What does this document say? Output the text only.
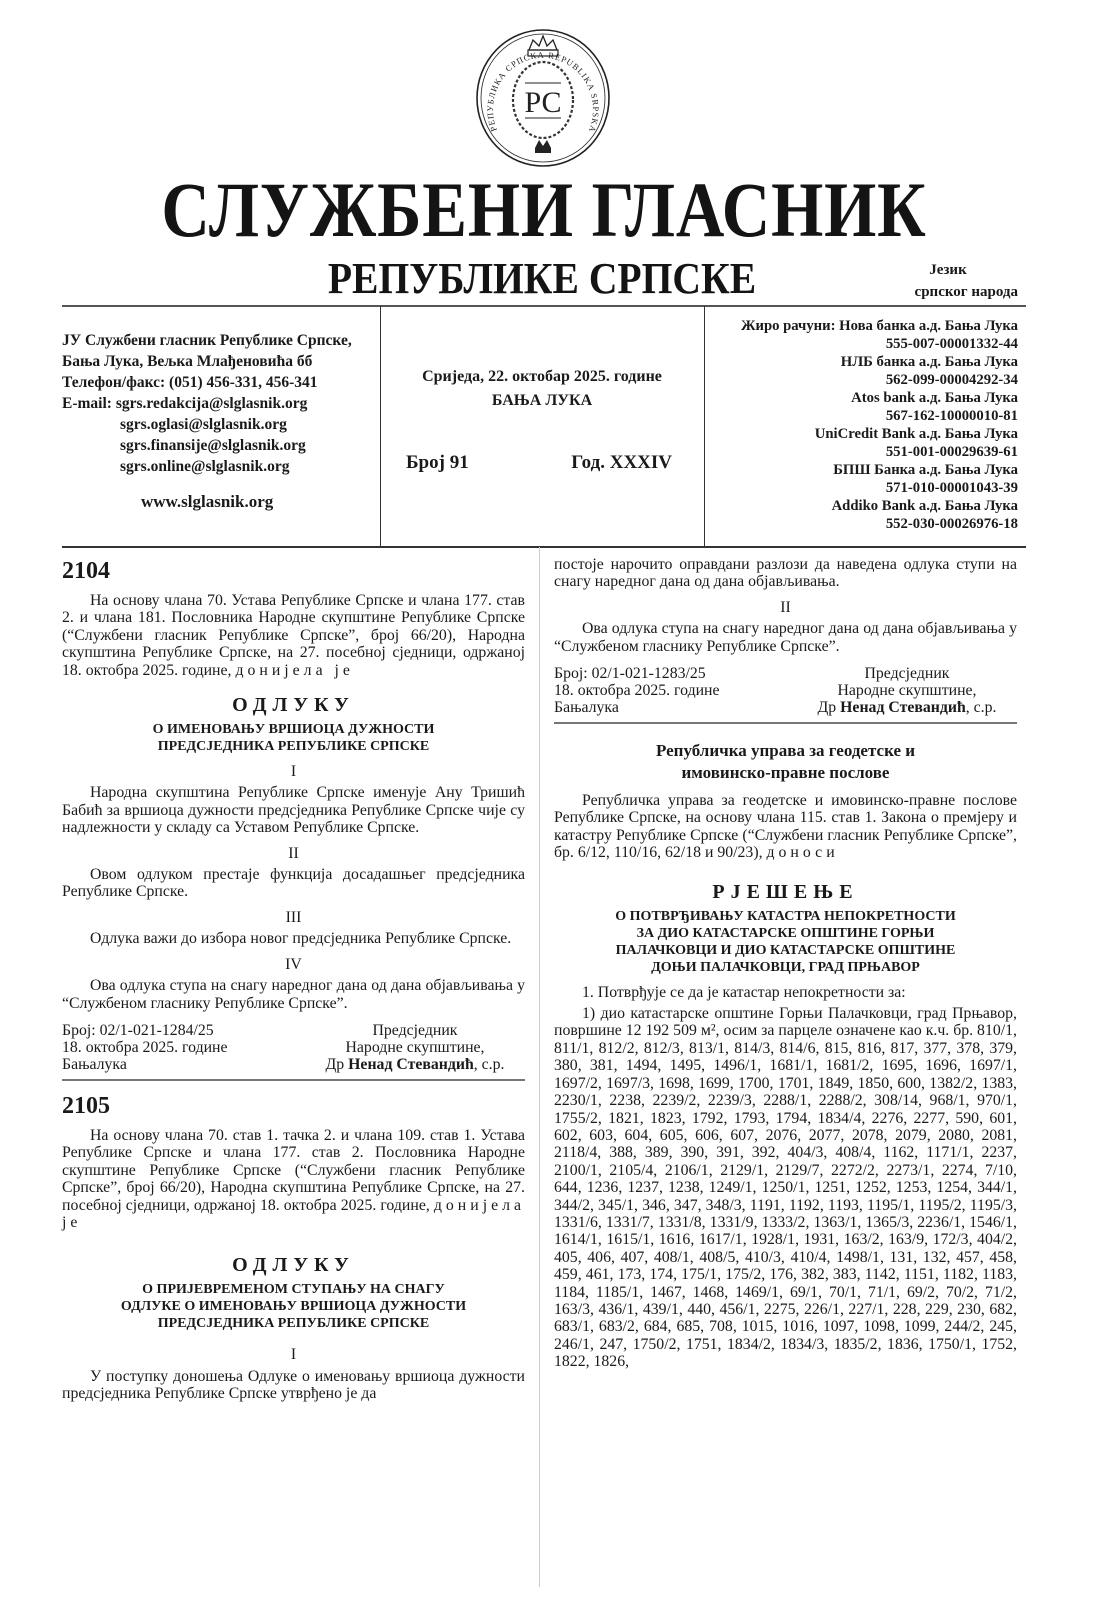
РС
РЕПУБЛИКА СРПСКА REPUBLIKA SRPSKA
СЛУЖБЕНИ ГЛАСНИК
РЕПУБЛИКЕ СРПСКЕ	Језик
српског народа
ЈУ Службени гласник Републике Српске,
Бања Лука, Вељка Млађеновића бб
Телефон/факс: (051) 456-331, 456-341
E-mail: sgrs.redakcija@slglasnik.org
sgrs.oglasi@slglasnik.org
sgrs.finansije@slglasnik.org
sgrs.online@slglasnik.org
www.slglasnik.org
Сриједа, 22. октобар 2025. године
БАЊА ЛУКА
Број 91	Год. XXXIV
Жиро рачуни: Нова банка а.д. Бања Лука
555-007-00001332-44
НЛБ банка а.д. Бања Лука
562-099-00004292-34
Atos bank а.д. Бања Лука
567-162-10000010-81
UniCredit Bank а.д. Бања Лука
551-001-00029639-61
БПШ Банка а.д. Бања Лука
571-010-00001043-39
Addiko Bank а.д. Бања Лука
552-030-00026976-18
2104

На основу члана 70. Устава Републике Српске и члана 177. став 2. и члана 181. Пословника Народне скупштине Републике Српске (“Службени гласник Републике Српске”, број 66/20), Народна скупштина Републике Српске, на 27. посебној сједници, одржаној 18. октобра 2025. године, донијела је

ОДЛУКУ
О ИМЕНОВАЊУ ВРШИОЦА ДУЖНОСТИ
ПРЕДСЈЕДНИКА РЕПУБЛИКЕ СРПСКЕ
I

Народна скупштина Републике Српске именује Ану Тришић Бабић за вршиоца дужности предсједника Републике Српске чије су надлежности у складу са Уставом Републике Српске.

II

Овом одлуком престаје функција досадашњег предсједника Републике Српске.

III

Одлука важи до избора новог предсједника Републике Српске.

IV

Ова одлука ступа на снагу наредног дана од дана објављивања у “Службеном гласнику Републике Српске”.

Број: 02/1-021-1284/25
18. октобра 2025. године
Бањалука
Предсједник
Народне скупштине,
Др Ненад Стевандић, с.р.
2105

На основу члана 70. став 1. тачка 2. и члана 109. став 1. Устава Републике Српске и члана 177. став 2. Пословника Народне скупштине Републике Српске (“Службени гласник Републике Српске”, број 66/20), Народна скупштина Републике Српске, на 27. посебној сједници, одржаној 18. октобра 2025. године, донијела је

ОДЛУКУ
О ПРИЈЕВРЕМЕНОМ СТУПАЊУ НА СНАГУ
ОДЛУКЕ О ИМЕНОВАЊУ ВРШИОЦА ДУЖНОСТИ
ПРЕДСЈЕДНИКА РЕПУБЛИКЕ СРПСКЕ
I

У поступку доношења Одлуке о именовању вршиоца дужности предсједника Републике Српске утврђено је да

постоје нарочито оправдани разлози да наведена одлука ступи на снагу наредног дана од дана објављивања.

II

Ова одлука ступа на снагу наредног дана од дана објављивања у “Службеном гласнику Републике Српске”.

Број: 02/1-021-1283/25
18. октобра 2025. године
Бањалука
Предсједник
Народне скупштине,
Др Ненад Стевандић, с.р.
Републичка управа за геодетске и
имовинско-правне послове

Републичка управа за геодетске и имовинско-правне послове Републике Српске, на основу члана 115. став 1. Закона о премјеру и катастру Републике Српске (“Службени гласник Републике Српске”, бр. 6/12, 110/16, 62/18 и 90/23), доноси

РЈЕШЕЊЕ
О ПОТВРЂИВАЊУ КАТАСТРА НЕПОКРЕТНОСТИ
ЗА ДИО КАТАСТАРСКЕ ОПШТИНЕ ГОРЊИ
ПАЛАЧКОВЦИ И ДИО КАТАСТАРСКЕ ОПШТИНЕ
ДОЊИ ПАЛАЧКОВЦИ, ГРАД ПРЊАВОР

1. Потврђује се да је катастар непокретности за:

1) дио катастарске општине Горњи Палачковци, град Прњавор, површине 12 192 509 м², осим за парцеле означене као к.ч. бр. 810/1, 811/1, 812/2, 812/3, 813/1, 814/3, 814/6, 815, 816, 817, 377, 378, 379, 380, 381, 1494, 1495, 1496/1, 1681/1, 1681/2, 1695, 1696, 1697/1, 1697/2, 1697/3, 1698, 1699, 1700, 1701, 1849, 1850, 600, 1382/2, 1383, 2230/1, 2238, 2239/2, 2239/3, 2288/1, 2288/2, 308/14, 968/1, 970/1, 1755/2, 1821, 1823, 1792, 1793, 1794, 1834/4, 2276, 2277, 590, 601, 602, 603, 604, 605, 606, 607, 2076, 2077, 2078, 2079, 2080, 2081, 2118/4, 388, 389, 390, 391, 392, 404/3, 408/4, 1162, 1171/1, 2237, 2100/1, 2105/4, 2106/1, 2129/1, 2129/7, 2272/2, 2273/1, 2274, 7/10, 644, 1236, 1237, 1238, 1249/1, 1250/1, 1251, 1252, 1253, 1254, 344/1, 344/2, 345/1, 346, 347, 348/3, 1191, 1192, 1193, 1195/1, 1195/2, 1195/3, 1331/6, 1331/7, 1331/8, 1331/9, 1333/2, 1363/1, 1365/3, 2236/1, 1546/1, 1614/1, 1615/1, 1616, 1617/1, 1928/1, 1931, 163/2, 163/9, 172/3, 404/2, 405, 406, 407, 408/1, 408/5, 410/3, 410/4, 1498/1, 131, 132, 457, 458, 459, 461, 173, 174, 175/1, 175/2, 176, 382, 383, 1142, 1151, 1182, 1183, 1184, 1185/1, 1467, 1468, 1469/1, 69/1, 70/1, 71/1, 69/2, 70/2, 71/2, 163/3, 436/1, 439/1, 440, 456/1, 2275, 226/1, 227/1, 228, 229, 230, 682, 683/1, 683/2, 684, 685, 708, 1015, 1016, 1097, 1098, 1099, 244/2, 245, 246/1, 247, 1750/2, 1751, 1834/2, 1834/3, 1835/2, 1836, 1750/1, 1752, 1822, 1826,
